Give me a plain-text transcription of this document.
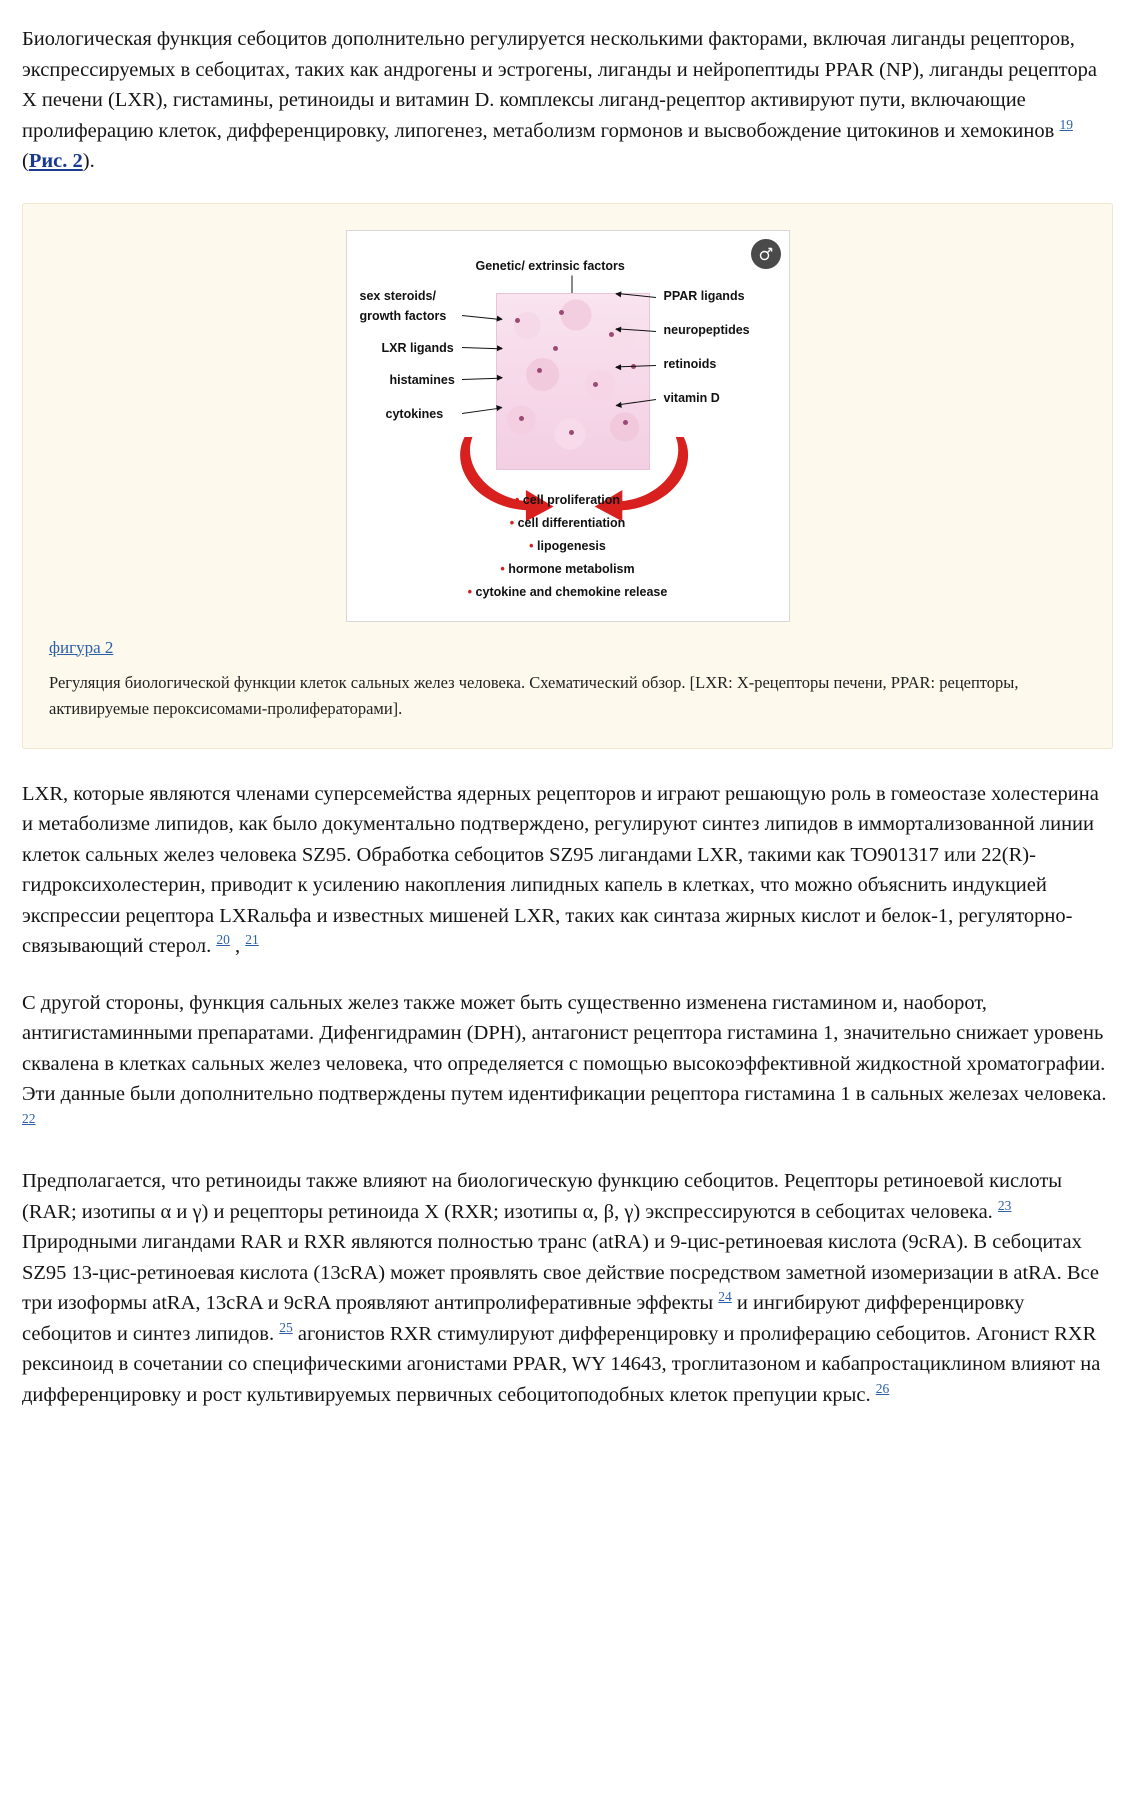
Биологическая функция себоцитов дополнительно регулируется несколькими факторами, включая лиганды рецепторов, экспрессируемых в себоцитах, таких как андрогены и эстрогены, лиганды и нейропептиды PPAR (NP), лиганды рецептора X печени (LXR), гистамины, ретиноиды и витамин D. комплексы лиганд-рецептор активируют пути, включающие пролиферацию клеток, дифференцировку, липогенез, метаболизм гормонов и высвобождение цитокинов и хемокинов $^{19}$ (Рис. 2).

Genetic/ extrinsic factors
sex steroids/
growth factors
LXR ligands
histamines
cytokines
PPAR ligands
neuropeptides
retinoids
vitamin D
• cell proliferation
• cell differentiation
• lipogenesis
• hormone metabolism
• cytokine and chemokine release
фигура 2

Регуляция биологической функции клеток сальных желез человека. Схематический обзор. [LXR: X-рецепторы печени, PPAR: рецепторы, активируемые пероксисомами-пролифераторами].

LXR, которые являются членами суперсемейства ядерных рецепторов и играют решающую роль в гомеостазе холестерина и метаболизме липидов, как было документально подтверждено, регулируют синтез липидов в иммортализованной линии клеток сальных желез человека SZ95. Обработка себоцитов SZ95 лигандами LXR, такими как TO901317 или 22(R)-гидроксихолестерин, приводит к усилению накопления липидных капель в клетках, что можно объяснить индукцией экспрессии рецептора LXRальфа и известных мишеней LXR, таких как синтаза жирных кислот и белок-1, регуляторно-связывающий стерол. $^{20}$ , $^{21}$

С другой стороны, функция сальных желез также может быть существенно изменена гистамином и, наоборот, антигистаминными препаратами. Дифенгидрамин (DPH), антагонист рецептора гистамина 1, значительно снижает уровень сквалена в клетках сальных желез человека, что определяется с помощью высокоэффективной жидкостной хроматографии. Эти данные были дополнительно подтверждены путем идентификации рецептора гистамина 1 в сальных железах человека. $^{22}$

Предполагается, что ретиноиды также влияют на биологическую функцию себоцитов. Рецепторы ретиноевой кислоты (RAR; изотипы α и γ) и рецепторы ретиноида X (RXR; изотипы α, β, γ) экспрессируются в себоцитах человека. $^{23}$ Природными лигандами RAR и RXR являются полностью транс (atRA) и 9-цис-ретиноевая кислота (9cRA). В себоцитах SZ95 13-цис-ретиноевая кислота (13cRA) может проявлять свое действие посредством заметной изомеризации в atRA. Все три изоформы atRA, 13cRA и 9cRA проявляют антипролиферативные эффекты $^{24}$ и ингибируют дифференцировку себоцитов и синтез липидов. $^{25}$ агонистов RXR стимулируют дифференцировку и пролиферацию себоцитов. Агонист RXR рексиноид в сочетании со специфическими агонистами PPAR, WY 14643, троглитазоном и кабапростациклином влияют на дифференцировку и рост культивируемых первичных себоцитоподобных клеток препуции крыс. $^{26}$
